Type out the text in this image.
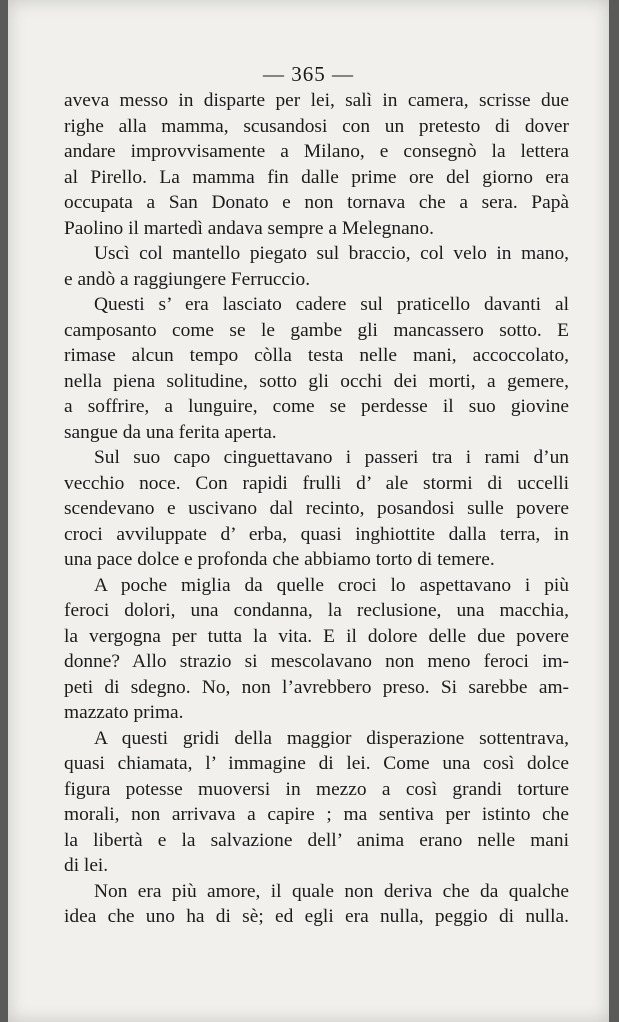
— 365 —
aveva messo in disparte per lei, salì in camera, scrisse due
righe alla mamma, scusandosi con un pretesto di dover
andare improvvisamente a Milano, e consegnò la lettera
al Pirello. La mamma fin dalle prime ore del giorno era
occupata a San Donato e non tornava che a sera. Papà
Paolino il martedì andava sempre a Melegnano.
Uscì col mantello piegato sul braccio, col velo in mano,
e andò a raggiungere Ferruccio.
Questi s’ era lasciato cadere sul praticello davanti al
camposanto come se le gambe gli mancassero sotto. E
rimase alcun tempo còlla testa nelle mani, accoccolato,
nella piena solitudine, sotto gli occhi dei morti, a gemere,
a soffrire, a lunguire, come se perdesse il suo giovine
sangue da una ferita aperta.
Sul suo capo cinguettavano i passeri tra i rami d’un
vecchio noce. Con rapidi frulli d’ ale stormi di uccelli
scendevano e uscivano dal recinto, posandosi sulle povere
croci avviluppate d’ erba, quasi inghiottite dalla terra, in
una pace dolce e profonda che abbiamo torto di temere.
A poche miglia da quelle croci lo aspettavano i più
feroci dolori, una condanna, la reclusione, una macchia,
la vergogna per tutta la vita. E il dolore delle due povere
donne? Allo strazio si mescolavano non meno feroci im-
peti di sdegno. No, non l’avrebbero preso. Si sarebbe am-
mazzato prima.
A questi gridi della maggior disperazione sottentrava,
quasi chiamata, l’ immagine di lei. Come una così dolce
figura potesse muoversi in mezzo a così grandi torture
morali, non arrivava a capire ; ma sentiva per istinto che
la libertà e la salvazione dell’ anima erano nelle mani
di lei.
Non era più amore, il quale non deriva che da qualche
idea che uno ha di sè; ed egli era nulla, peggio di nulla.
